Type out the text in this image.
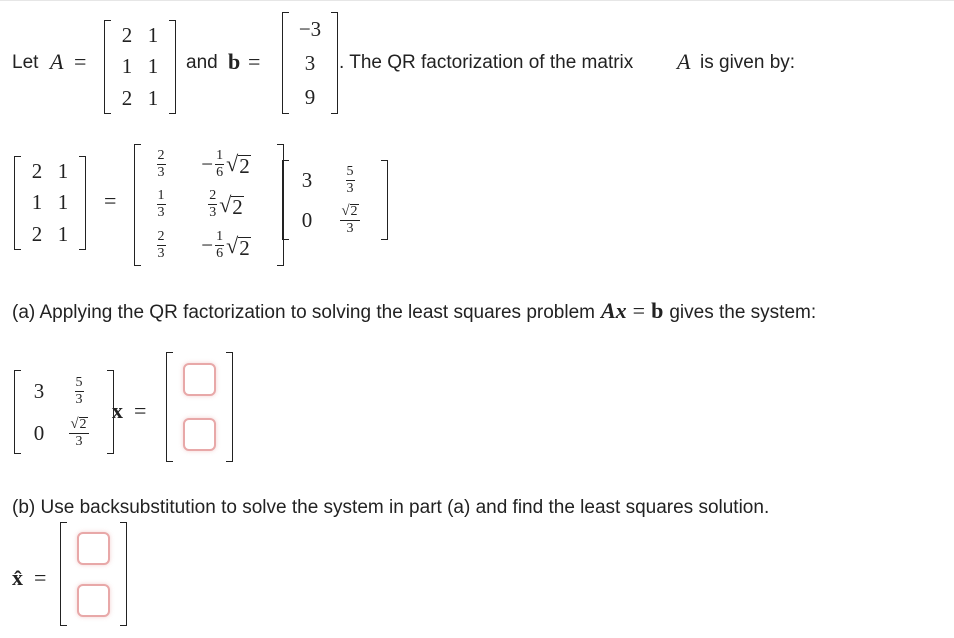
Let A =
2 1
1 1
2 1
and b =
−3
3
9
. The QR factorization of the matrix A is given by:
2 1
1 1
2 1
=
$\frac{2}{3} - \frac{1}{6}$ √ 2
$\frac{1}{3}$	$\frac{2}{3}$ √ 2
$\frac{2}{3} - \frac{1}{6}$ √ 2
$3 \frac{5}{3}$
$0 \frac{√ 2}{3}$
(a) Applying the QR factorization to solving the least squares problem Ax = b gives the system:
$3 \frac{5}{3}$
$0 \frac{√ 2}{3}$
x =
(b) Use backsubstitution to solve the system in part (a) and find the least squares solution.
x̂ =
